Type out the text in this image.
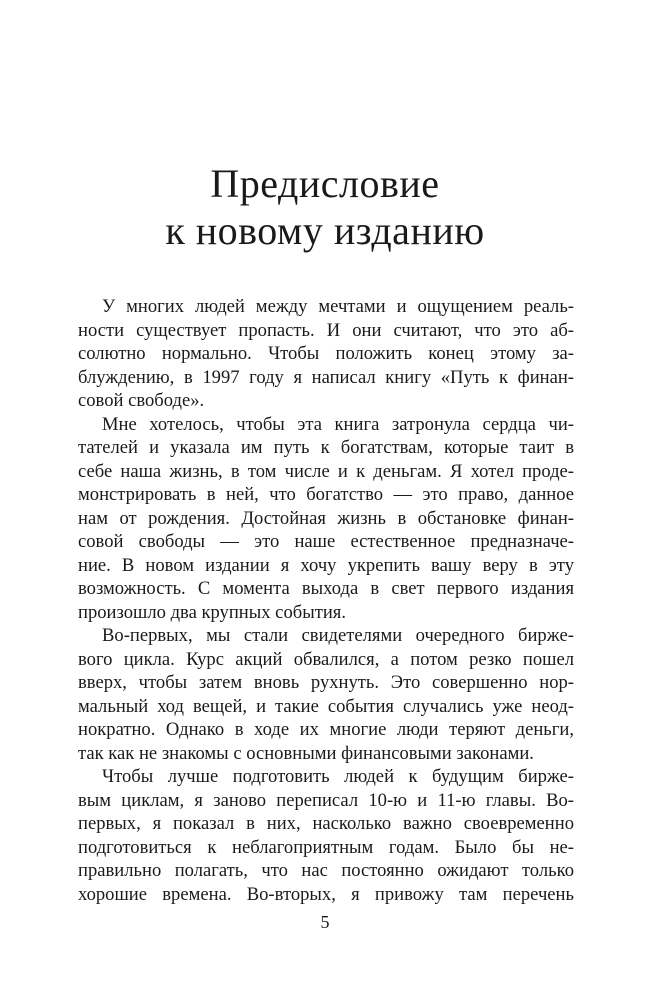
Предисловие
к новому изданию
У многих людей между мечтами и ощущением реаль-
ности существует пропасть. И они считают, что это аб-
солютно нормально. Чтобы положить конец этому за-
блуждению, в 1997 году я написал книгу «Путь к финан-
совой свободе».
Мне хотелось, чтобы эта книга затронула сердца чи-
тателей и указала им путь к богатствам, которые таит в
себе наша жизнь, в том числе и к деньгам. Я хотел проде-
монстрировать в ней, что богатство — это право, данное
нам от рождения. Достойная жизнь в обстановке финан-
совой свободы — это наше естественное предназначе-
ние. В новом издании я хочу укрепить вашу веру в эту
возможность. С момента выхода в свет первого издания
произошло два крупных события.
Во-первых, мы стали свидетелями очередного биржe-
вого цикла. Курс акций обвалился, а потом резко пошел
вверх, чтобы затем вновь рухнуть. Это совершенно нор-
мальный ход вещей, и такие события случались уже неод-
нократно. Однако в ходе их многие люди теряют деньги,
так как не знакомы с основными финансовыми законами.
Чтобы лучше подготовить людей к будущим бирже-
вым циклам, я заново переписал 10-ю и 11-ю главы. Во-
первых, я показал в них, насколько важно своевременно
подготовиться к неблагоприятным годам. Было бы не-
правильно полагать, что нас постоянно ожидают только
хорошие времена. Во-вторых, я привожу там перечень
5
